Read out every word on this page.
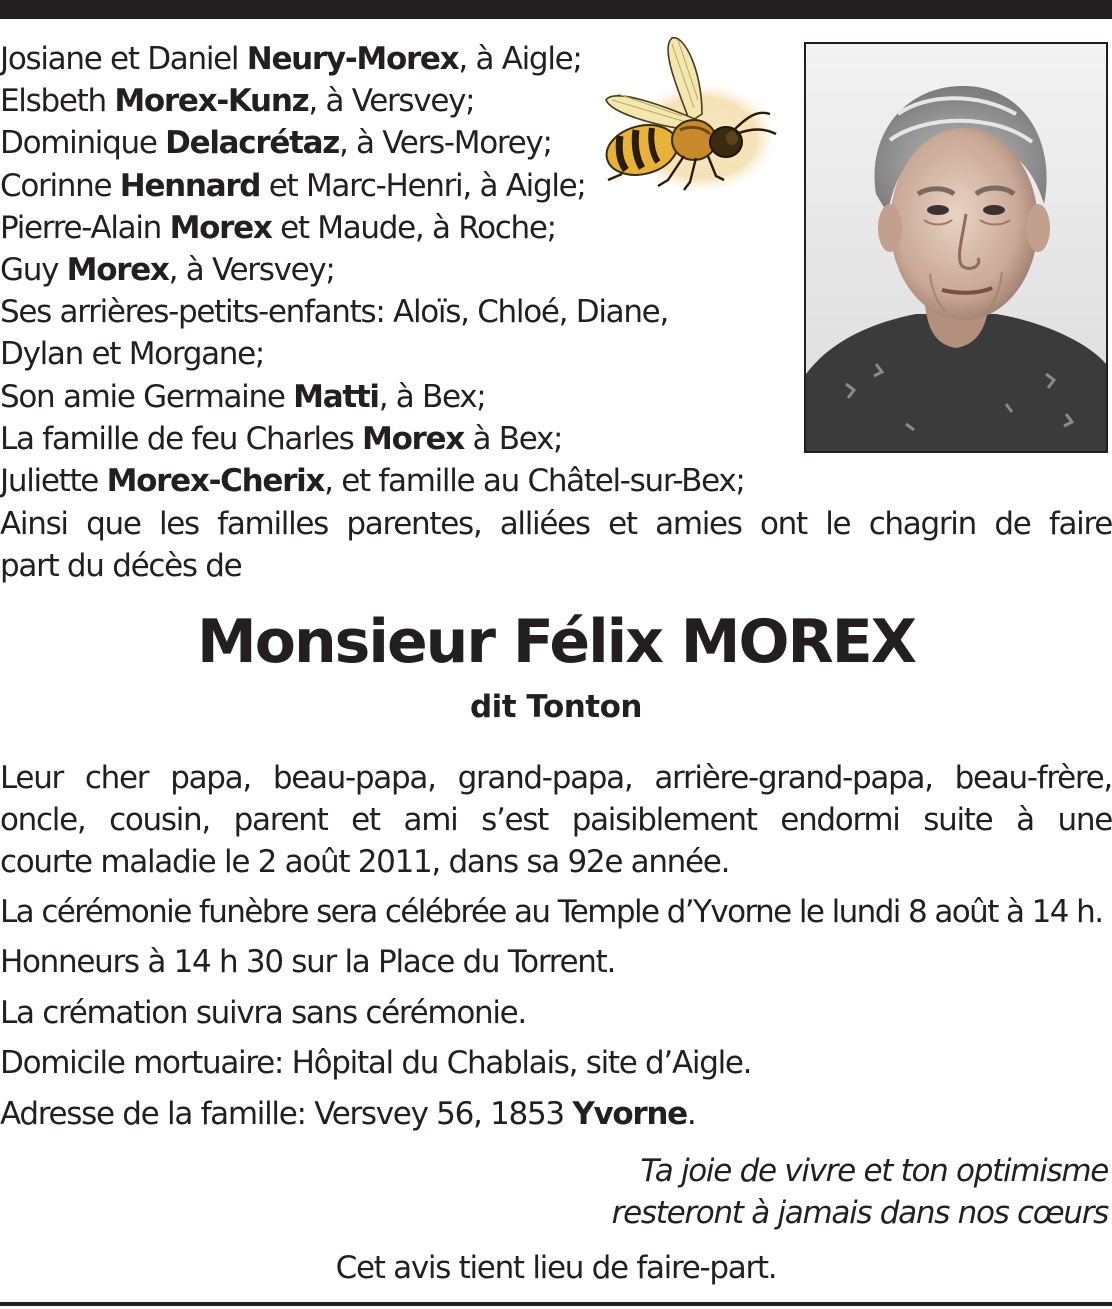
Josiane et Daniel Neury-Morex, à Aigle;
Elsbeth Morex-Kunz, à Versvey;
Dominique Delacrétaz, à Vers-Morey;
Corinne Hennard et Marc-Henri, à Aigle;
Pierre-Alain Morex et Maude, à Roche;
Guy Morex, à Versvey;
Ses arrières-petits-enfants: Aloïs, Chloé, Diane,
Dylan et Morgane;
Son amie Germaine Matti, à Bex;
La famille de feu Charles Morex à Bex;
Juliette Morex-Cherix, et famille au Châtel-sur-Bex;
Ainsi que les familles parentes, alliées et amies ont le chagrin de faire
part du décès de
Monsieur Félix MOREX
dit Tonton
Leur cher papa, beau-papa, grand-papa, arrière-grand-papa, beau-frère,
oncle, cousin, parent et ami s’est paisiblement endormi suite à une
courte maladie le 2 août 2011, dans sa 92e année.
La cérémonie funèbre sera célébrée au Temple d’Yvorne le lundi 8 août à 14 h.
Honneurs à 14 h 30 sur la Place du Torrent.
La crémation suivra sans cérémonie.
Domicile mortuaire: Hôpital du Chablais, site d’Aigle.
Adresse de la famille: Versvey 56, 1853 Yvorne.
Ta joie de vivre et ton optimisme
resteront à jamais dans nos cœurs
Cet avis tient lieu de faire-part.
